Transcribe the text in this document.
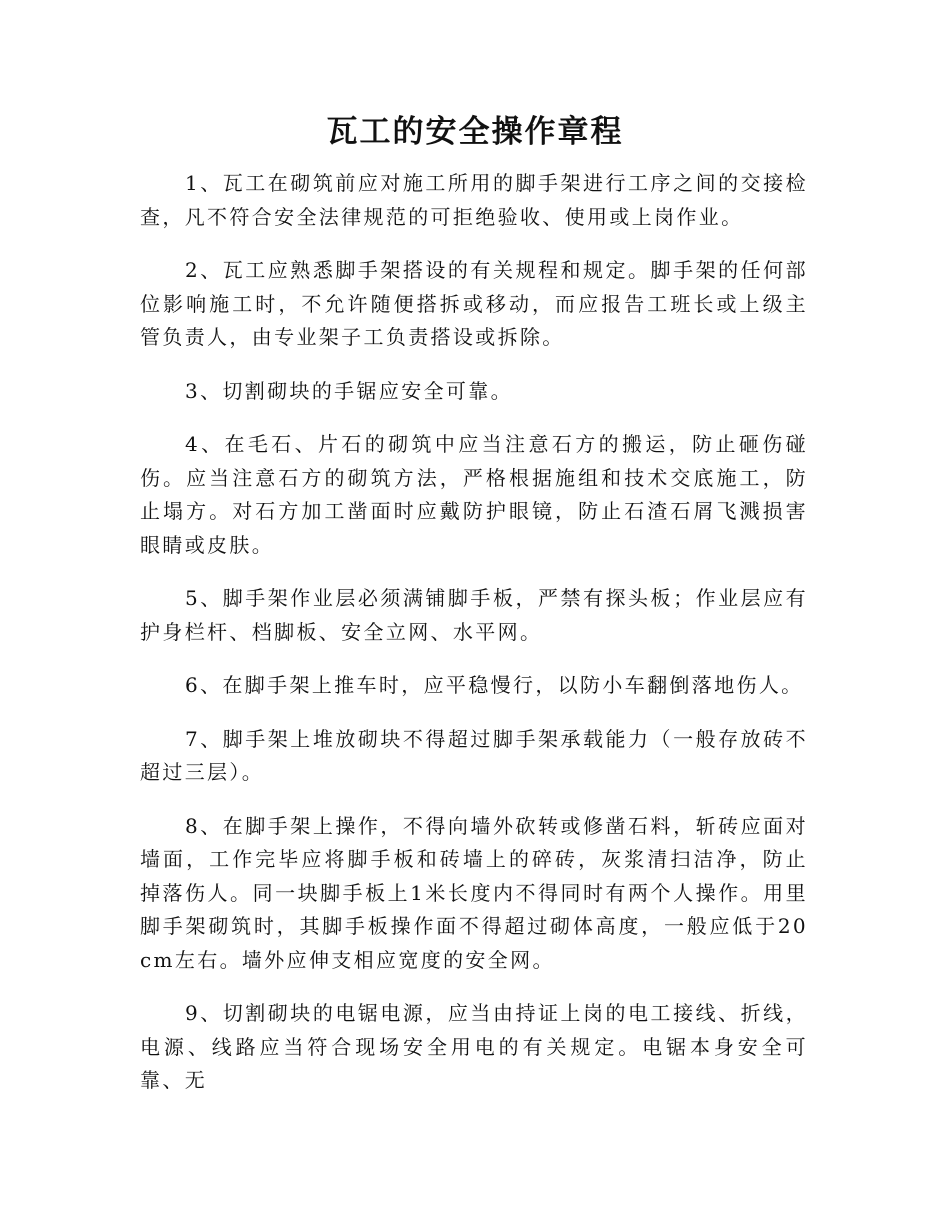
瓦工的安全操作章程

1、瓦工在砌筑前应对施工所用的脚手架进行工序之间的交接检查，凡不符合安全法律规范的可拒绝验收、使用或上岗作业。

2、瓦工应熟悉脚手架搭设的有关规程和规定。脚手架的任何部位影响施工时，不允许随便搭拆或移动，而应报告工班长或上级主管负责人，由专业架子工负责搭设或拆除。

3、切割砌块的手锯应安全可靠。

4、在毛石、片石的砌筑中应当注意石方的搬运，防止砸伤碰伤。应当注意石方的砌筑方法，严格根据施组和技术交底施工，防止塌方。对石方加工凿面时应戴防护眼镜，防止石渣石屑飞溅损害眼睛或皮肤。

5、脚手架作业层必须满铺脚手板，严禁有探头板；作业层应有护身栏杆、档脚板、安全立网、水平网。

6、在脚手架上推车时，应平稳慢行，以防小车翻倒落地伤人。

7、脚手架上堆放砌块不得超过脚手架承载能力（一般存放砖不超过三层）。

8、在脚手架上操作，不得向墙外砍转或修凿石料，斩砖应面对墙面，工作完毕应将脚手板和砖墙上的碎砖，灰浆清扫洁净，防止掉落伤人。同一块脚手板上1米长度内不得同时有两个人操作。用里脚手架砌筑时，其脚手板操作面不得超过砌体高度，一般应低于20cm左右。墙外应伸支相应宽度的安全网。

9、切割砌块的电锯电源，应当由持证上岗的电工接线、折线，电源、线路应当符合现场安全用电的有关规定。电锯本身安全可靠、无
